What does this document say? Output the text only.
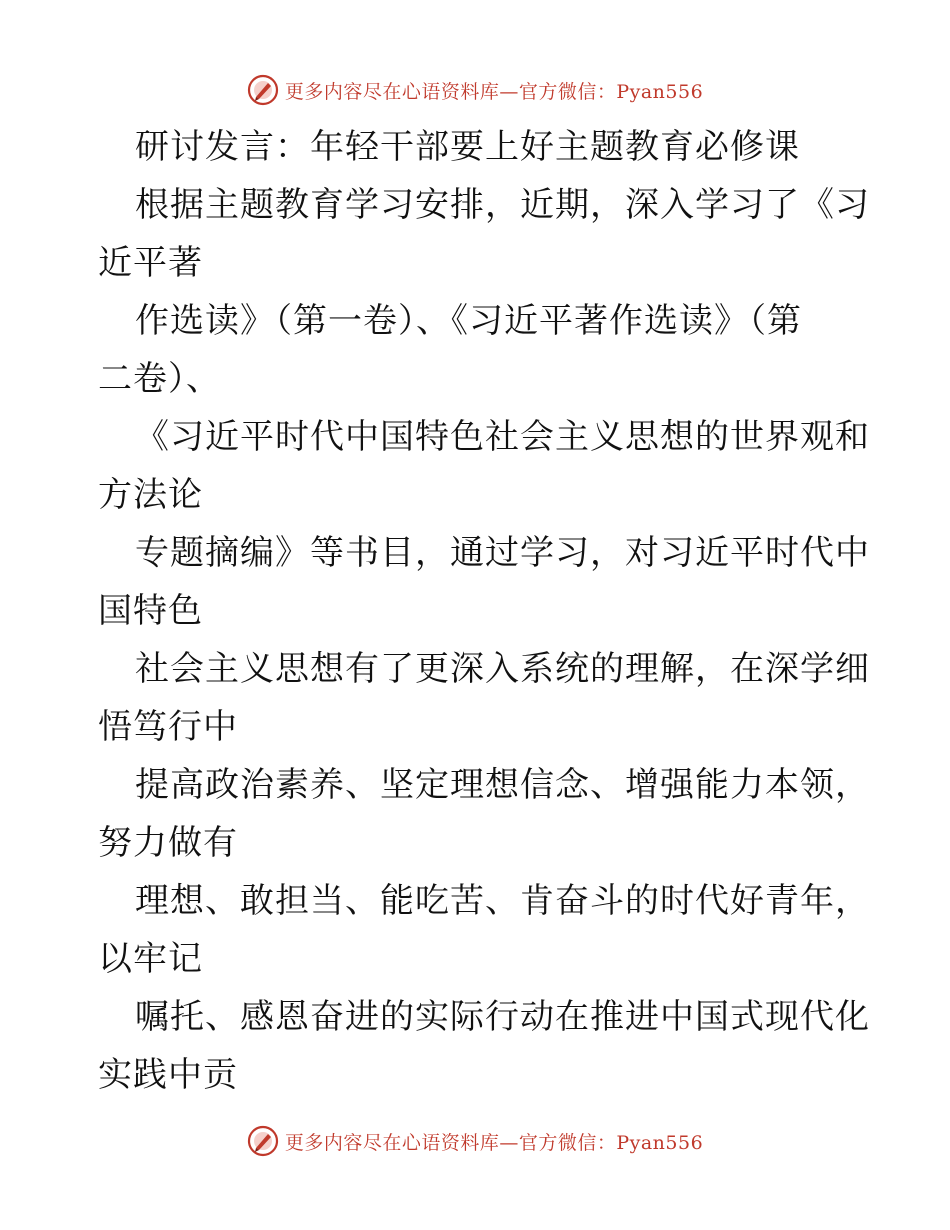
更多内容尽在心语资料库—官方微信：Pyan556
研讨发言：年轻干部要上好主题教育必修课
根据主题教育学习安排，近期，深入学习了《习
近平著
作选读》（第一卷）、《习近平著作选读》（第
二卷）、
《习近平时代中国特色社会主义思想的世界观和
方法论
专题摘编》等书目，通过学习，对习近平时代中
国特色
社会主义思想有了更深入系统的理解，在深学细
悟笃行中
提高政治素养、坚定理想信念、增强能力本领，
努力做有
理想、敢担当、能吃苦、肯奋斗的时代好青年，
以牢记
嘱托、感恩奋进的实际行动在推进中国式现代化
实践中贡
更多内容尽在心语资料库—官方微信：Pyan556
